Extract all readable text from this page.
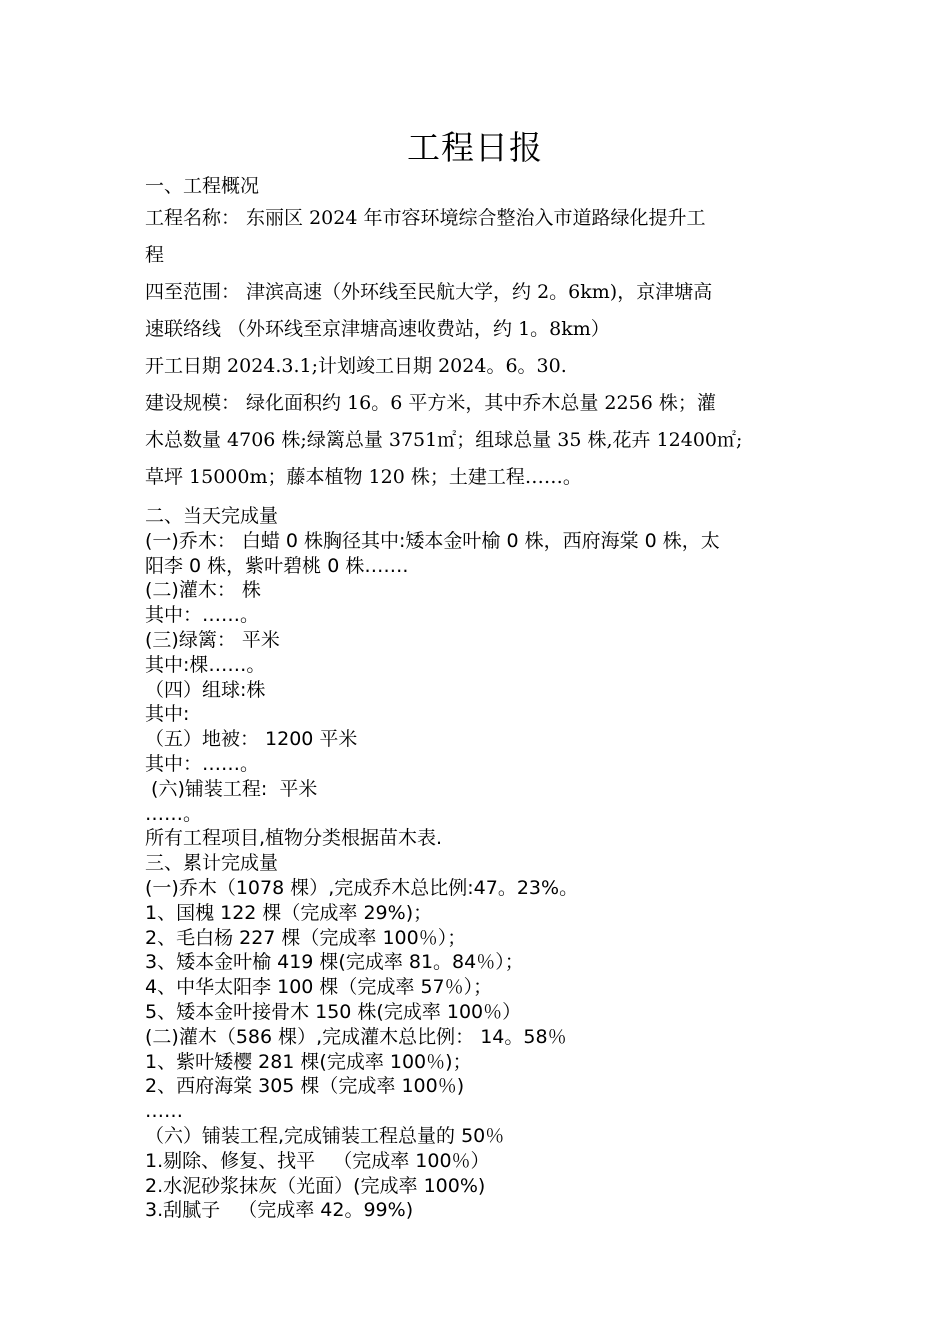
工程日报
一、工程概况
工程名称： 东丽区 2024 年市容环境综合整治入市道路绿化提升工
程
四至范围： 津滨高速（外环线至民航大学，约 2。6km)，京津塘高
速联络线 （外环线至京津塘高速收费站，约 1。8km）
开工日期 2024.3.1;计划竣工日期 2024。6。30.
建设规模： 绿化面积约 16。6 平方米，其中乔木总量 2256 株；灌
木总数量 4706 株;绿篱总量 3751㎡；组球总量 35 株,花卉 12400㎡;
草坪 15000m；藤本植物 120 株；土建工程……。
二、当天完成量
(一)乔木： 白蜡 0 株胸径其中:矮本金叶榆 0 株，西府海棠 0 株，太
阳李 0 株，紫叶碧桃 0 株…….
(二)灌木： 株
其中：……。
(三)绿篱： 平米
其中:棵……。
（四）组球:株
其中:
（五）地被： 1200 平米
其中：……。
(六)铺装工程:  平米
……。
所有工程项目,植物分类根据苗木表.
三、累计完成量
(一)乔木（1078 棵）,完成乔木总比例:47。23%。
1、国槐 122 棵（完成率 29%)；
2、毛白杨 227 棵（完成率 100％）；
3、矮本金叶榆 419 棵(完成率 81。84％）；
4、中华太阳李 100 棵（完成率 57％）；
5、矮本金叶接骨木 150 株(完成率 100％）
(二)灌木（586 棵）,完成灌木总比例： 14。58％
1、紫叶矮樱 281 棵(完成率 100％)；
2、西府海棠 305 棵（完成率 100％)
……
（六）铺装工程,完成铺装工程总量的 50％
1.剔除、修复、找平   （完成率 100％）
2.水泥砂浆抹灰（光面）(完成率 100%)
3.刮腻子   （完成率 42。99%)
